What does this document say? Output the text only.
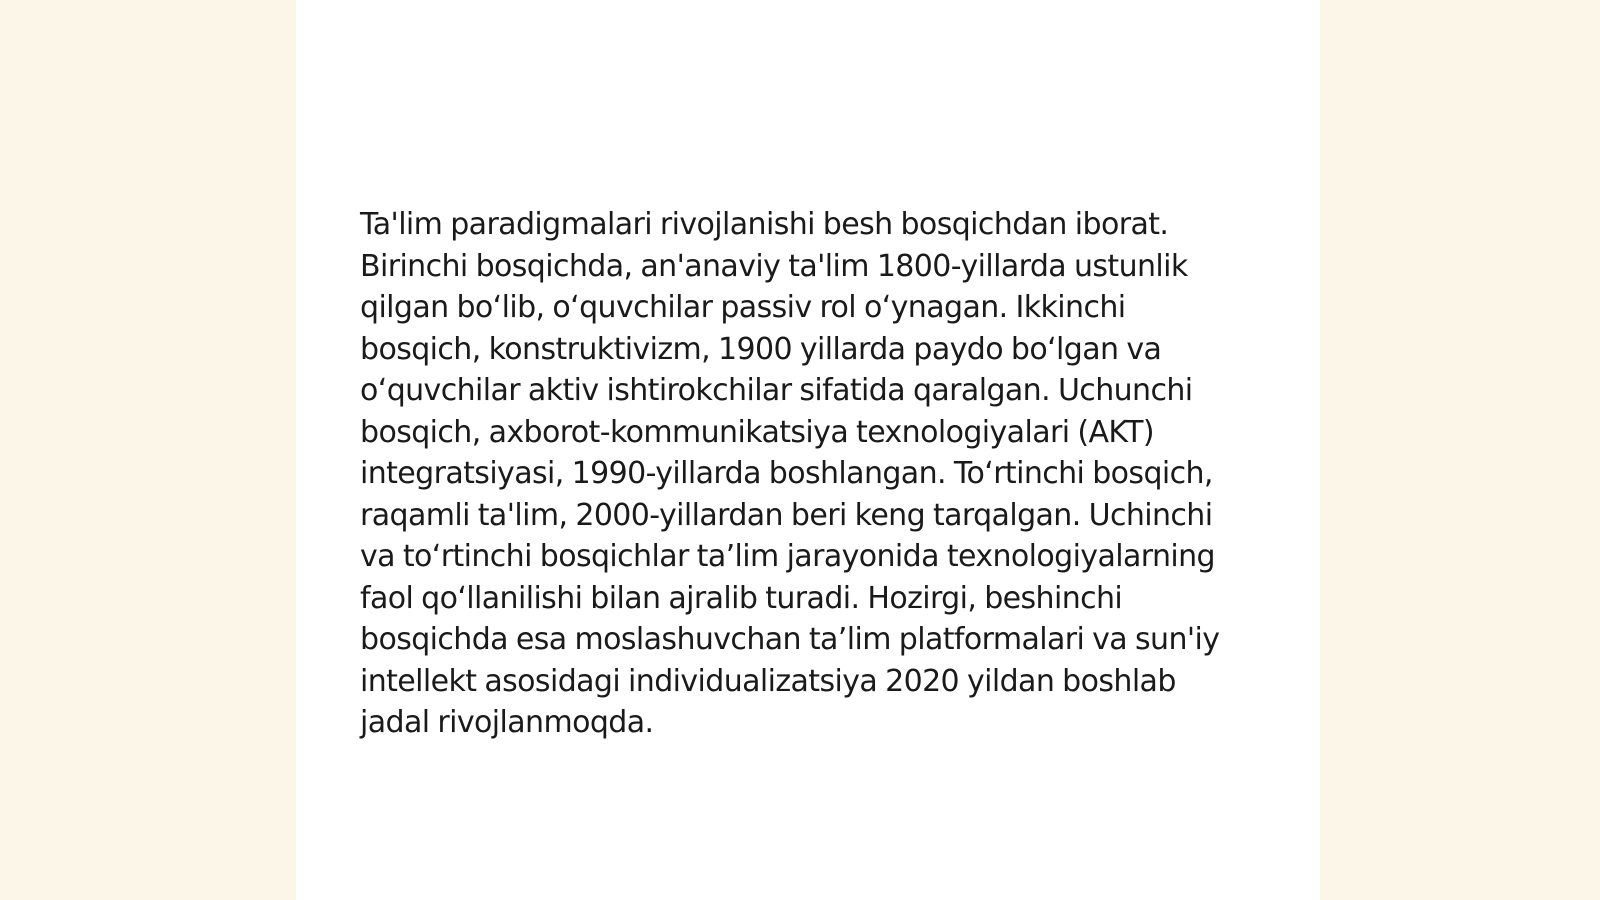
Ta'lim paradigmalari rivojlanishi besh bosqichdan iborat. Birinchi bosqichda, an'anaviy ta'lim 1800-yillarda ustunlik qilgan boʻlib, oʻquvchilar passiv rol oʻynagan. Ikkinchi bosqich, konstruktivizm, 1900 yillarda paydo boʻlgan va oʻquvchilar aktiv ishtirokchilar sifatida qaralgan. Uchunchi bosqich, axborot-kommunikatsiya texnologiyalari (AKT) integratsiyasi, 1990-yillarda boshlangan. Toʻrtinchi bosqich, raqamli ta'lim, 2000-yillardan beri keng tarqalgan. Uchinchi va toʻrtinchi bosqichlar taʼlim jarayonida texnologiyalarning faol qoʻllanilishi bilan ajralib turadi. Hozirgi, beshinchi bosqichda esa moslashuvchan taʼlim platformalari va sun'iy intellekt asosidagi individualizatsiya 2020 yildan boshlab jadal rivojlanmoqda.
